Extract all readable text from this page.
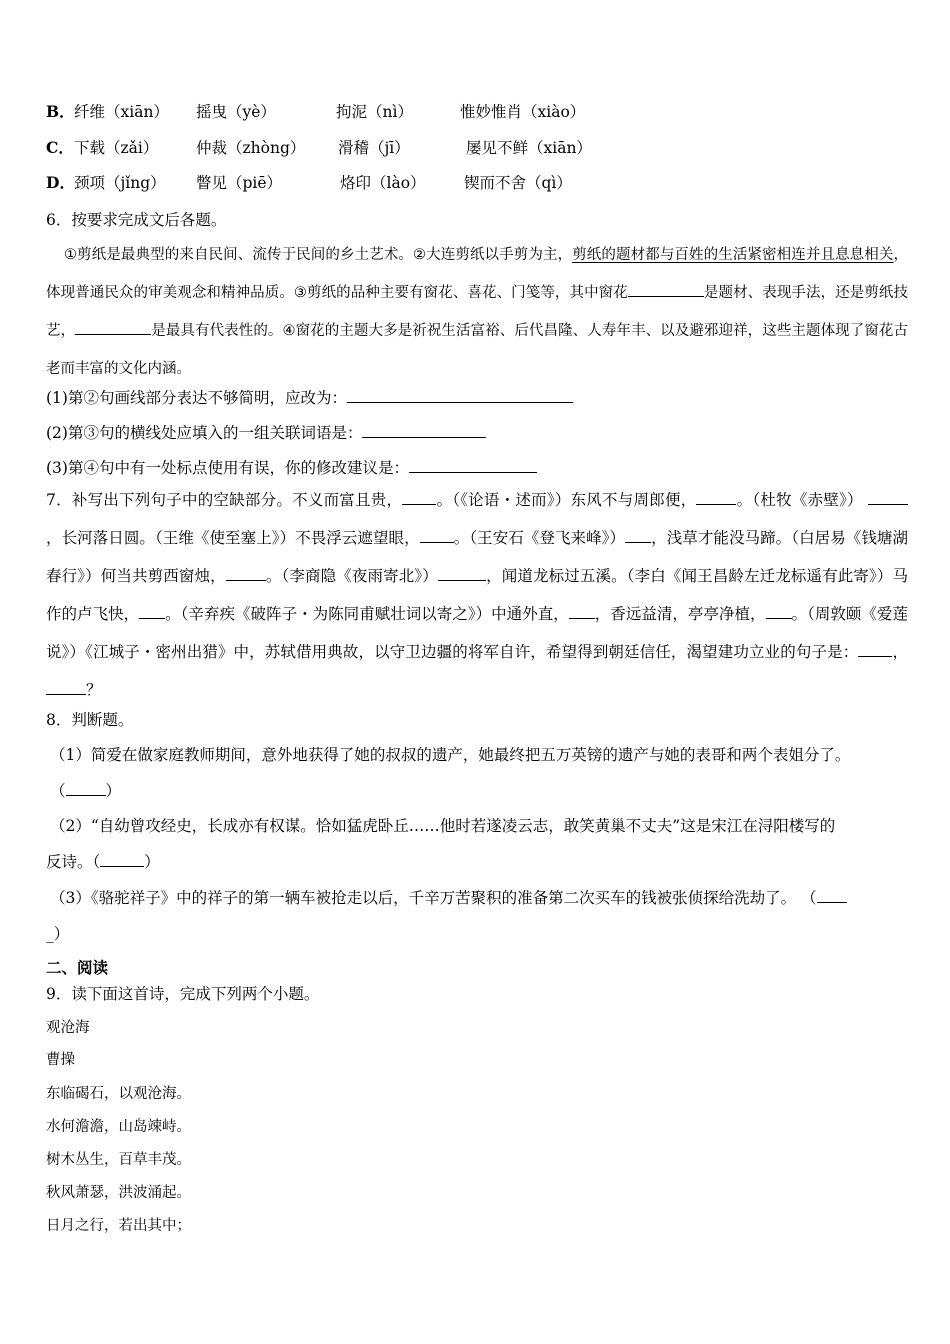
B． 纤维（xiān） 摇曳（yè）	拘泥（nì）	惟妙惟肖（xiào）
C． 下载（zǎi） 仲裁（zhòng） 滑稽（jī）	屡见不鲜（xiān）
D． 颈项（jǐng） 瞥见（piē）	烙印（lào） 锲而不舍（qì）
6．按要求完成文后各题。
①剪纸是最典型的来自民间、流传于民间的乡土艺术。②大连剪纸以手剪为主，剪纸的题材都与百姓的生活紧密相连并且息息相关，体现普通民众的审美观念和精神品质。③剪纸的品种主要有窗花、喜花、门笺等，其中窗花	是题材、表现手法，还是剪纸技艺，	是最具有代表性的。④窗花的主题大多是祈祝生活富裕、后代昌隆、人寿年丰、以及避邪迎祥，这些主题体现了窗花古老而丰富的文化内涵。
(1)第②句画线部分表达不够简明，应改为：
(2)第③句的横线处应填入的一组关联词语是：
(3)第④句中有一处标点使用有误，你的修改建议是：
7．补写出下列句子中的空缺部分。不义而富且贵， 。（《论语・述而》）东风不与周郎便，	。（杜牧《赤壁》） ，长河落日圆。（王维《使至塞上》）不畏浮云遮望眼， 。（王安石《登飞来峰》） ，浅草才能没马蹄。（白居易《钱塘湖春行》）何当共剪西窗烛，	。（李商隐《夜雨寄北》）	，闻道龙标过五溪。（李白《闻王昌龄左迁龙标遥有此寄》）马作的卢飞快， 。（辛弃疾《破阵子・为陈同甫赋壮词以寄之》）中通外直， ，香远益清，亭亭净植， 。（周敦颐《爱莲说》）《江城子・密州出猎》中，苏轼借用典故，以守卫边疆的将军自许，希望得到朝廷信任，渴望建功立业的句子是： ，？
8．判断题。
（1）简爱在做家庭教师期间，意外地获得了她的叔叔的遗产，她最终把五万英镑的遗产与她的表哥和两个表姐分了。
（	）
（2）“自幼曾攻经史，长成亦有权谋。恰如猛虎卧丘……他时若遂凌云志，敢笑黄巢不丈夫”这是宋江在浔阳楼写的
反诗。（	）
（3）《骆驼祥子》中的祥子的第一辆车被抢走以后，千辛万苦聚积的准备第二次买车的钱被张侦探给洗劫了。 （
_）
二、阅读
9．读下面这首诗，完成下列两个小题。
观沧海
曹操
东临碣石，以观沧海。
水何澹澹，山岛竦峙。
树木丛生，百草丰茂。
秋风萧瑟，洪波涌起。
日月之行，若出其中；
